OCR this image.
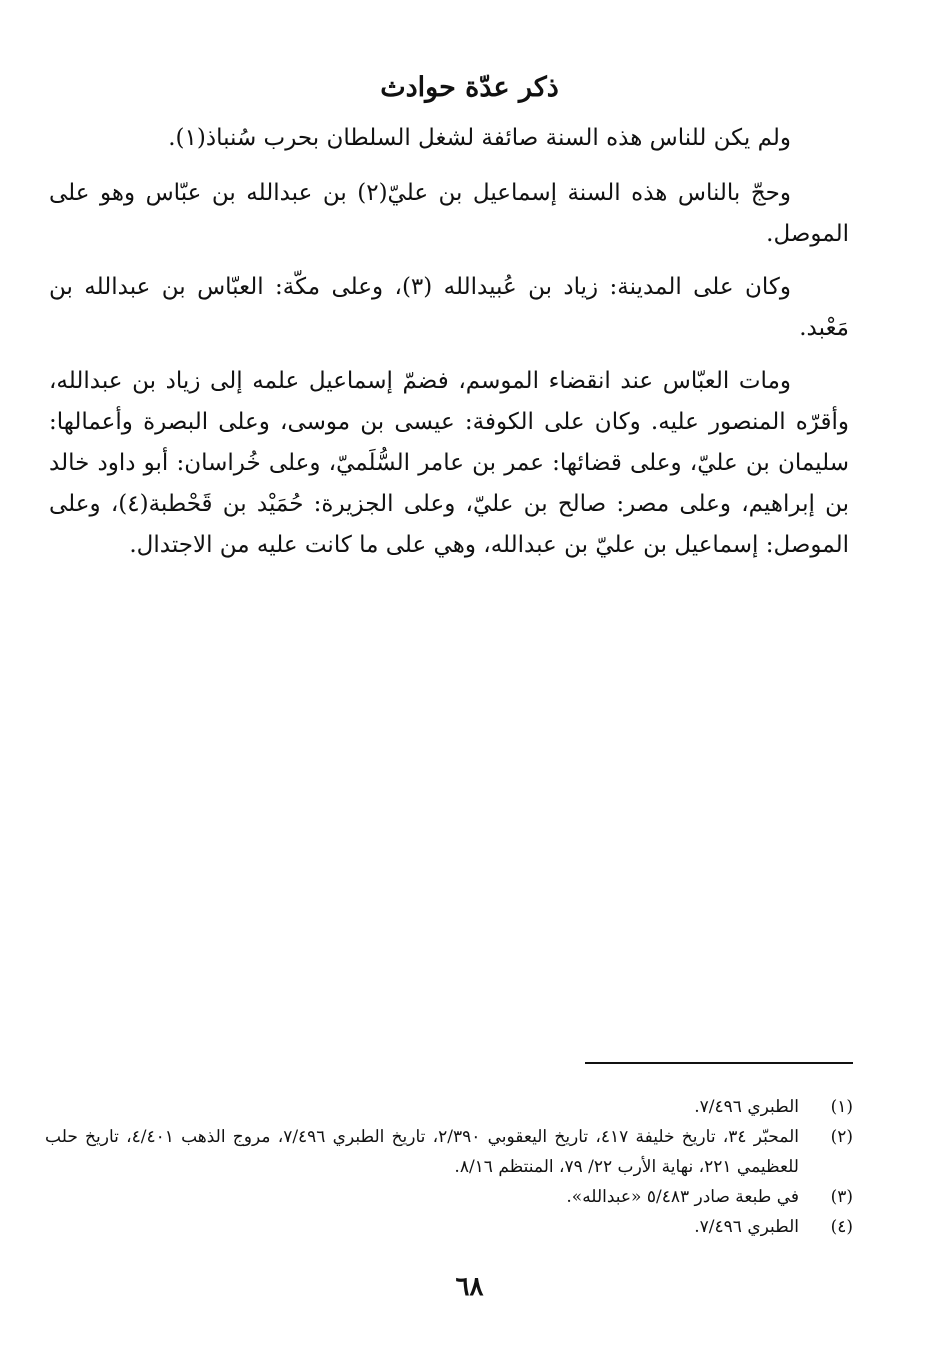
ذكر عدّة حوادث

ولم يكن للناس هذه السنة صائفة لشغل السلطان بحرب سُنباذ(١).

وحجّ بالناس هذه السنة إسماعيل بن عليّ(٢) بن عبدالله بن عبّاس وهو على الموصل.

وكان على المدينة: زياد بن عُبيدالله (٣)، وعلى مكّة: العبّاس بن عبدالله بن مَعْبد.

ومات العبّاس عند انقضاء الموسم، فضمّ إسماعيل علمه إلى زياد بن عبدالله، وأقرّه المنصور عليه. وكان على الكوفة: عيسى بن موسى، وعلى البصرة وأعمالها: سليمان بن عليّ، وعلى قضائها: عمر بن عامر السُّلَميّ، وعلى خُراسان: أبو داود خالد بن إبراهيم، وعلى مصر: صالح بن عليّ، وعلى الجزيرة: حُمَيْد بن قَحْطبة(٤)، وعلى الموصل: إسماعيل بن عليّ بن عبدالله، وهي على ما كانت عليه من الاجتدال.

(١)
الطبري ٧/٤٩٦.
(٢)
المحبّر ٣٤، تاريخ خليفة ٤١٧، تاريخ اليعقوبي ٢/٣٩٠، تاريخ الطبري ٧/٤٩٦، مروج الذهب ٤/٤٠١، تاريخ حلب للعظيمي ٢٢١، نهاية الأرب ٢٢/ ٧٩، المنتظم ٨/١٦.
(٣)
في طبعة صادر ٥/٤٨٣ «عبدالله».
(٤)
الطبري ٧/٤٩٦.
٦٨
